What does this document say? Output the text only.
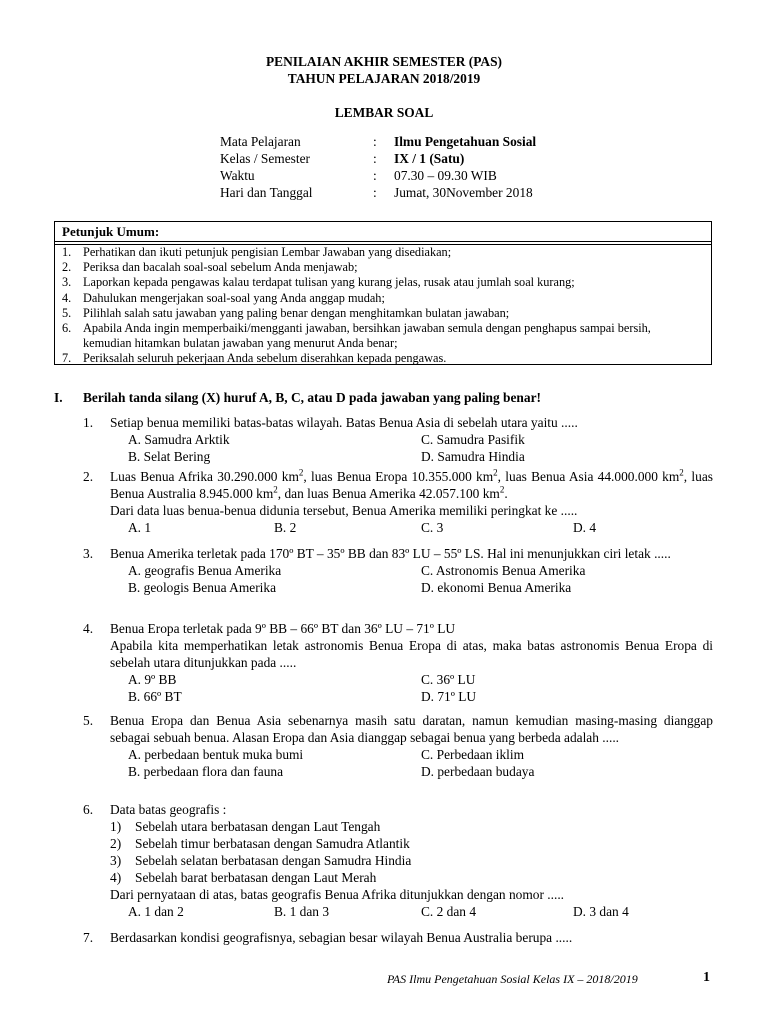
PENILAIAN AKHIR SEMESTER (PAS)
TAHUN PELAJARAN 2018/2019
LEMBAR SOAL
Mata Pelajaran	:	Ilmu Pengetahuan Sosial
Kelas / Semester	:	IX / 1 (Satu)
Waktu	:	07.30 – 09.30 WIB
Hari dan Tanggal	:	Jumat, 30November 2018
Petunjuk Umum:
1. Perhatikan dan ikuti petunjuk pengisian Lembar Jawaban yang disediakan;
2. Periksa dan bacalah soal-soal sebelum Anda menjawab;
3. Laporkan kepada pengawas kalau terdapat tulisan yang kurang jelas, rusak atau jumlah soal kurang;
4. Dahulukan mengerjakan soal-soal yang Anda anggap mudah;
5. Pilihlah salah satu jawaban yang paling benar dengan menghitamkan bulatan jawaban;
6. Apabila Anda ingin memperbaiki/mengganti jawaban, bersihkan jawaban semula dengan penghapus sampai bersih, kemudian hitamkan bulatan jawaban yang menurut Anda benar;
7. Periksalah seluruh pekerjaan Anda sebelum diserahkan kepada pengawas.
I.	Berilah tanda silang (X) huruf A, B, C, atau D pada jawaban yang paling benar!
1.	Setiap benua memiliki batas-batas wilayah. Batas Benua Asia di sebelah utara yaitu .....
A. Samudra Arktik	C. Samudra Pasifik
B. Selat Bering	D. Samudra Hindia
2.	Luas Benua Afrika 30.290.000 $km^2$, luas Benua Eropa 10.355.000 $km^2$, luas Benua Asia 44.000.000 $km^2$, luas Benua Australia 8.945.000 $km^2$, dan luas Benua Amerika 42.057.100 $km^2$.
Dari data luas benua-benua didunia tersebut, Benua Amerika memiliki peringkat ke .....
A. 1	B. 2	C. 3	D. 4
3.	Benua Amerika terletak pada 170º BT – 35º BB dan 83º LU – 55º LS. Hal ini menunjukkan ciri letak .....
A. geografis Benua Amerika	C. Astronomis Benua Amerika
B. geologis Benua Amerika	D. ekonomi Benua Amerika
4.	Benua Eropa terletak pada 9º BB – 66º BT dan 36º LU – 71º LU
Apabila kita memperhatikan letak astronomis Benua Eropa di atas, maka batas astronomis Benua Eropa di sebelah utara ditunjukkan pada .....
A. 9º BB	C. 36º LU
B. 66º BT	D. 71º LU
5.	Benua Eropa dan Benua Asia sebenarnya masih satu daratan, namun kemudian masing-masing dianggap sebagai sebuah benua. Alasan Eropa dan Asia dianggap sebagai benua yang berbeda adalah .....
A. perbedaan bentuk muka bumi	C. Perbedaan iklim
B. perbedaan flora dan fauna	D. perbedaan budaya
6.	Data batas geografis :
1)	Sebelah utara berbatasan dengan Laut Tengah
2)	Sebelah timur berbatasan dengan Samudra Atlantik
3)	Sebelah selatan berbatasan dengan Samudra Hindia
4)	Sebelah barat berbatasan dengan Laut Merah
Dari pernyataan di atas, batas geografis Benua Afrika ditunjukkan dengan nomor .....
A. 1 dan 2	B. 1 dan 3	C. 2 dan 4	D. 3 dan 4
7.	Berdasarkan kondisi geografisnya, sebagian besar wilayah Benua Australia berupa .....
PAS Ilmu Pengetahuan Sosial Kelas IX – 2018/2019	1
